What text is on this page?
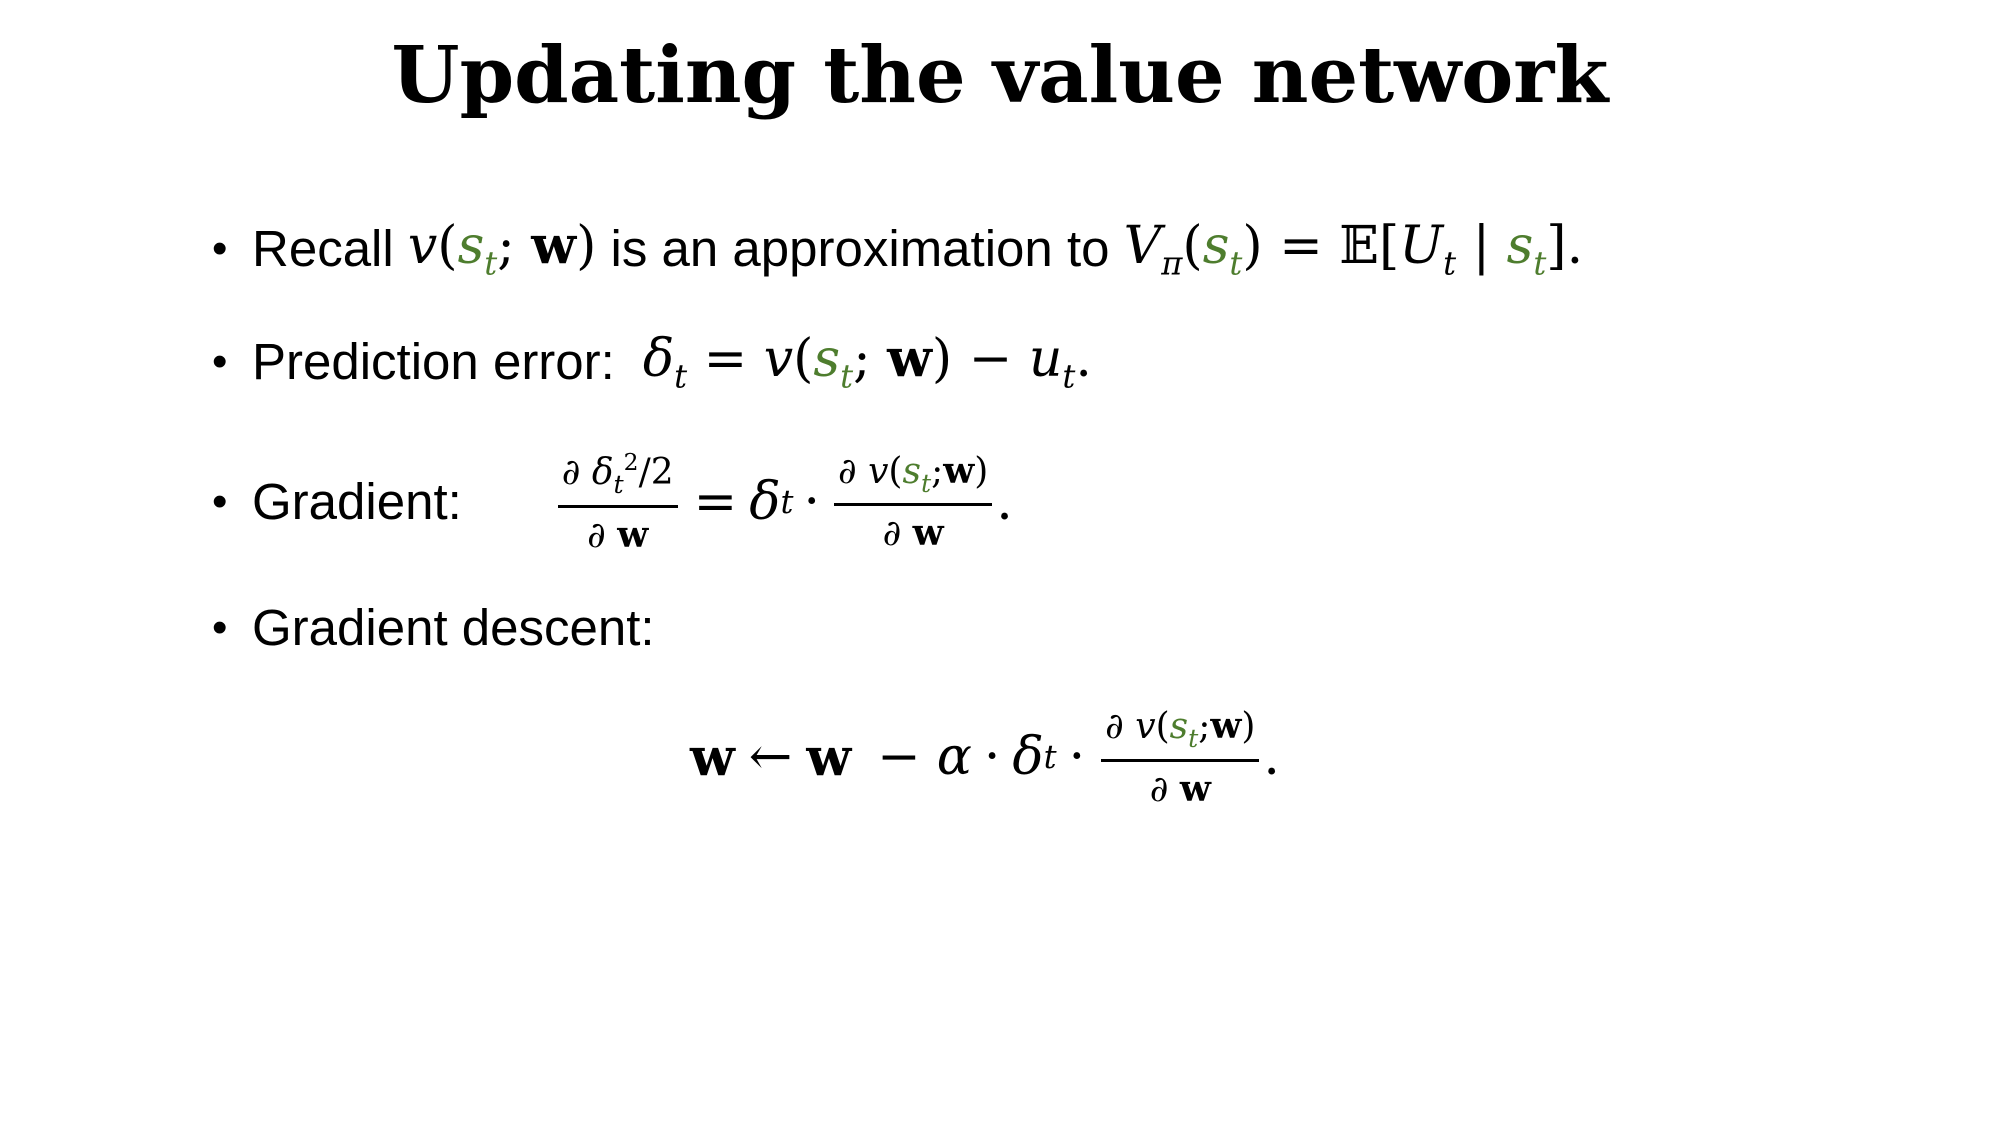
Updating the value network
• Recall $v(s_t$; w) is an approximation to $V_\pi(s_t)$ = $𝔼[U_t$ | $s_t$].
• Prediction error: $\delta_t = v(s_t$; $w) - u_t$.
• Gradient:	$\frac{\partial \delta_t^2/2}{\partial w} = \delta$ $t \cdot \frac{\partial v(s_t;w)}{\partial w}$ .
• Gradient descent:
w ← w − α · δ $t \cdot \frac{\partial v(s_t;w)}{\partial w}$ .
